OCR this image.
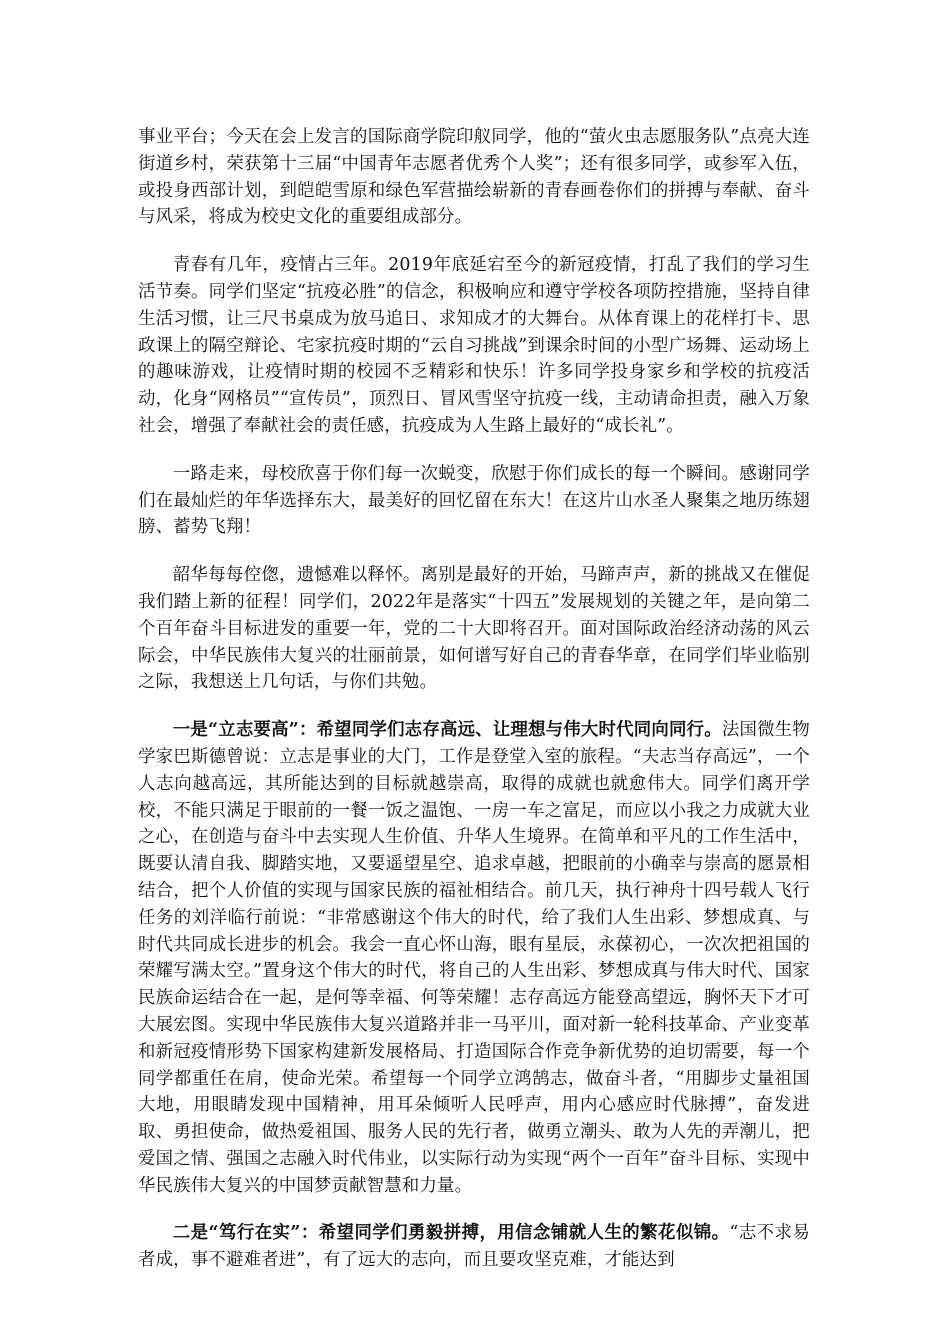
事业平台；今天在会上发言的国际商学院印舣同学，他的“萤火虫志愿服务队”点亮大连街道乡村，荣获第十三届“中国青年志愿者优秀个人奖”；还有很多同学，或参军入伍，或投身西部计划，到皑皑雪原和绿色军营描绘崭新的青春画卷你们的拼搏与奉献、奋斗与风采，将成为校史文化的重要组成部分。

青春有几年，疫情占三年。2019年底延宕至今的新冠疫情，打乱了我们的学习生活节奏。同学们坚定“抗疫必胜”的信念，积极响应和遵守学校各项防控措施，坚持自律生活习惯，让三尺书桌成为放马追日、求知成才的大舞台。从体育课上的花样打卡、思政课上的隔空辩论、宅家抗疫时期的“云自习挑战”到课余时间的小型广场舞、运动场上的趣味游戏，让疫情时期的校园不乏精彩和快乐！许多同学投身家乡和学校的抗疫活动，化身“网格员”“宣传员”，顶烈日、冒风雪坚守抗疫一线，主动请命担责，融入万象社会，增强了奉献社会的责任感，抗疫成为人生路上最好的“成长礼”。

一路走来，母校欣喜于你们每一次蜕变，欣慰于你们成长的每一个瞬间。感谢同学们在最灿烂的年华选择东大，最美好的回忆留在东大！在这片山水圣人聚集之地历练翅膀、蓄势飞翔！

韶华每每倥偬，遗憾难以释怀。离别是最好的开始，马蹄声声，新的挑战又在催促我们踏上新的征程！同学们，2022年是落实“十四五”发展规划的关键之年，是向第二个百年奋斗目标进发的重要一年，党的二十大即将召开。面对国际政治经济动荡的风云际会，中华民族伟大复兴的壮丽前景，如何谱写好自己的青春华章，在同学们毕业临别之际，我想送上几句话，与你们共勉。

一是“立志要高”：希望同学们志存高远、让理想与伟大时代同向同行。法国微生物学家巴斯德曾说：立志是事业的大门，工作是登堂入室的旅程。“夫志当存高远”，一个人志向越高远，其所能达到的目标就越崇高，取得的成就也就愈伟大。同学们离开学校，不能只满足于眼前的一餐一饭之温饱、一房一车之富足，而应以小我之力成就大业之心，在创造与奋斗中去实现人生价值、升华人生境界。在简单和平凡的工作生活中，既要认清自我、脚踏实地，又要遥望星空、追求卓越，把眼前的小确幸与崇高的愿景相结合，把个人价值的实现与国家民族的福祉相结合。前几天，执行神舟十四号载人飞行任务的刘洋临行前说：“非常感谢这个伟大的时代，给了我们人生出彩、梦想成真、与时代共同成长进步的机会。我会一直心怀山海，眼有星辰，永葆初心，一次次把祖国的荣耀写满太空。”置身这个伟大的时代，将自己的人生出彩、梦想成真与伟大时代、国家民族命运结合在一起，是何等幸福、何等荣耀！志存高远方能登高望远，胸怀天下才可大展宏图。实现中华民族伟大复兴道路并非一马平川，面对新一轮科技革命、产业变革和新冠疫情形势下国家构建新发展格局、打造国际合作竞争新优势的迫切需要，每一个同学都重任在肩，使命光荣。希望每一个同学立鸿鹄志，做奋斗者，“用脚步丈量祖国大地，用眼睛发现中国精神，用耳朵倾听人民呼声，用内心感应时代脉搏”，奋发进取、勇担使命，做热爱祖国、服务人民的先行者，做勇立潮头、敢为人先的弄潮儿，把爱国之情、强国之志融入时代伟业，以实际行动为实现“两个一百年”奋斗目标、实现中华民族伟大复兴的中国梦贡献智慧和力量。

二是“笃行在实”：希望同学们勇毅拼搏，用信念铺就人生的繁花似锦。“志不求易者成，事不避难者进”，有了远大的志向，而且要攻坚克难，才能达到
